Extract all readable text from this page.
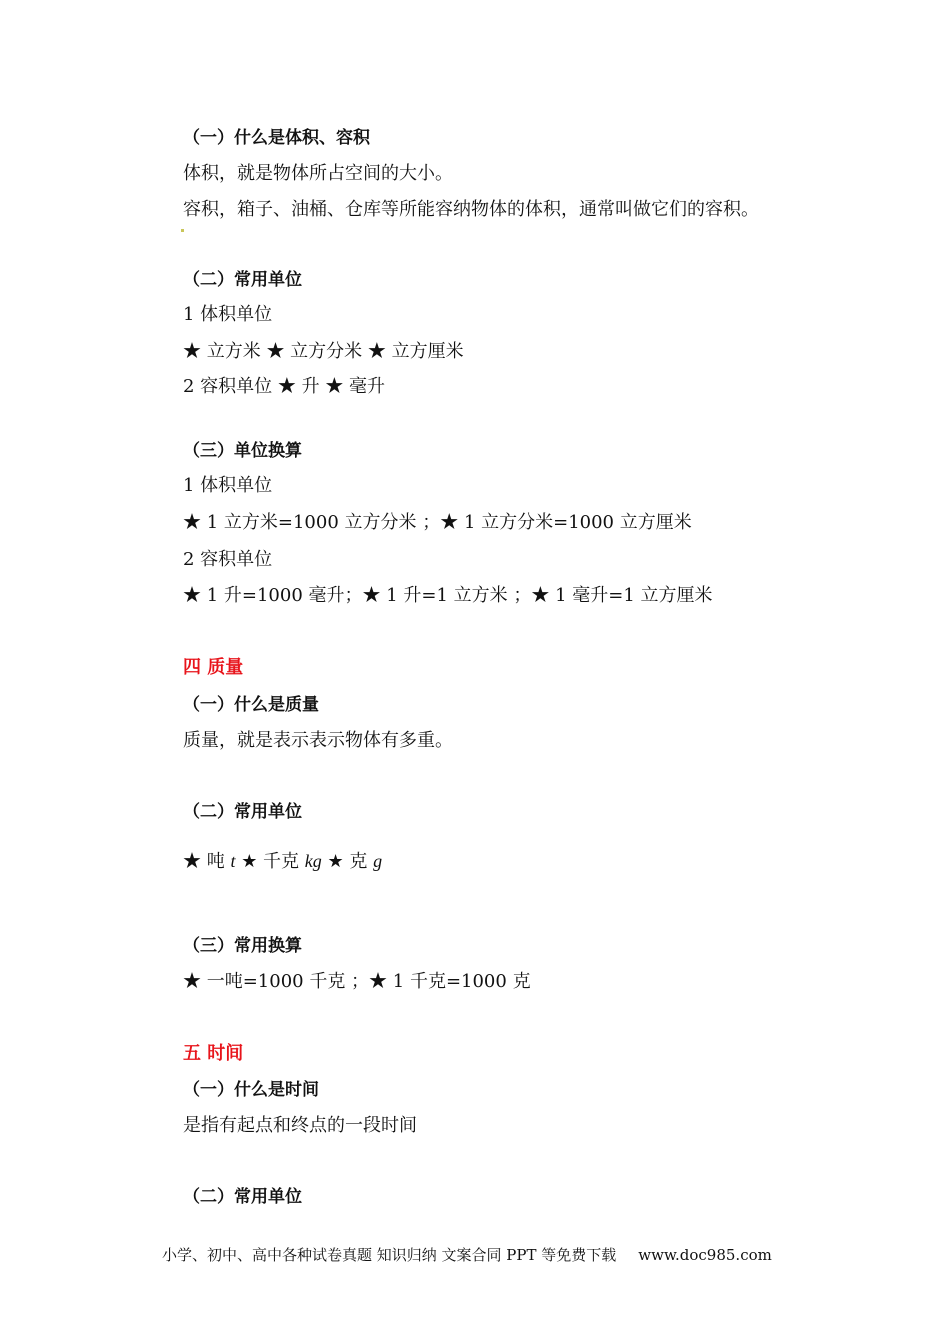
（一）什么是体积、容积
体积，就是物体所占空间的大小。
容积，箱子、油桶、仓库等所能容纳物体的体积，通常叫做它们的容积。
（二）常用单位
1 体积单位
★ 立方米 ★ 立方分米 ★ 立方厘米
2 容积单位 ★ 升 ★ 毫升
（三）单位换算
1 体积单位
★ 1 立方米=1000 立方分米 ；★ 1 立方分米=1000 立方厘米
2 容积单位
★ 1 升=1000 毫升；★ 1 升=1 立方米 ；★ 1 毫升=1 立方厘米
四 质量
（一）什么是质量
质量，就是表示表示物体有多重。
（二）常用单位
★ 吨 t ★ 千克 kg ★ 克 g
（三）常用换算
★ 一吨=1000 千克 ；★ 1 千克=1000 克
五 时间
（一）什么是时间
是指有起点和终点的一段时间
（二）常用单位
小学、初中、高中各种试卷真题 知识归纳 文案合同 PPT 等免费下载 www.doc985.com
